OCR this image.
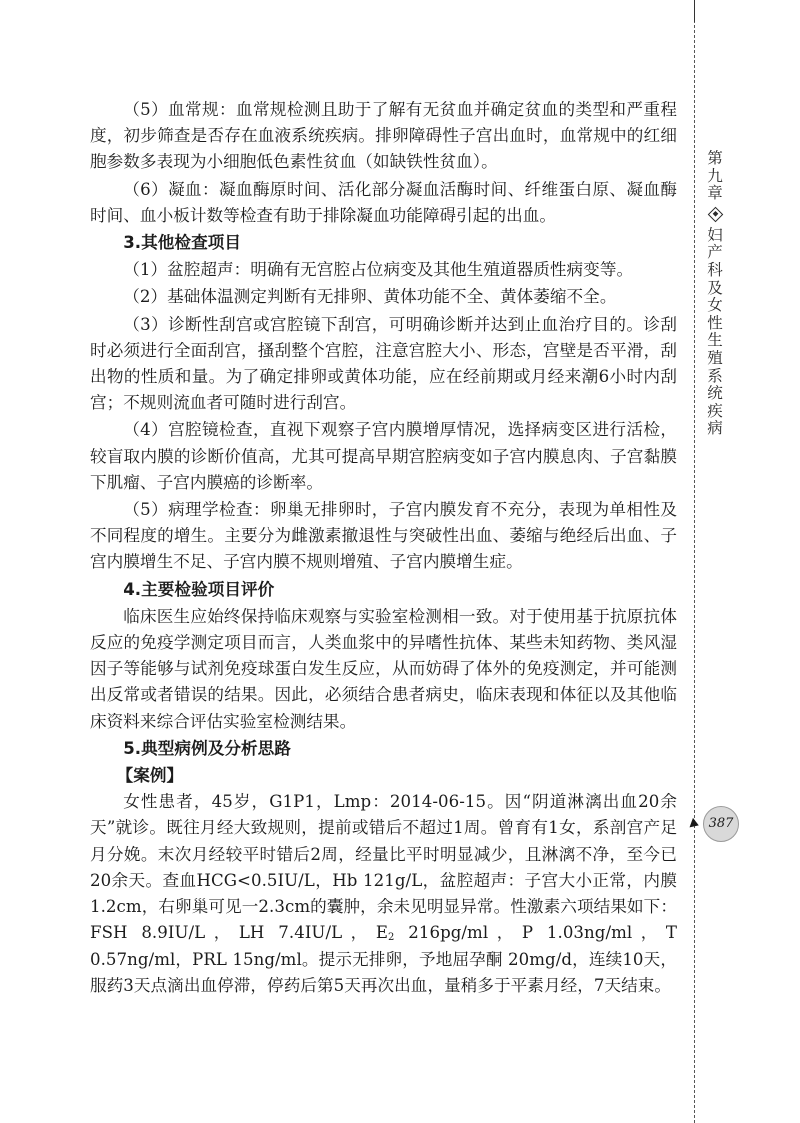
（5）血常规：血常规检测且助于了解有无贫血并确定贫血的类型和严重程度，初步筛查是否存在血液系统疾病。排卵障碍性子宫出血时，血常规中的红细胞参数多表现为小细胞低色素性贫血（如缺铁性贫血）。

（6）凝血：凝血酶原时间、活化部分凝血活酶时间、纤维蛋白原、凝血酶时间、血小板计数等检查有助于排除凝血功能障碍引起的出血。

3.其他检查项目

（1）盆腔超声：明确有无宫腔占位病变及其他生殖道器质性病变等。

（2）基础体温测定判断有无排卵、黄体功能不全、黄体萎缩不全。

（3）诊断性刮宫或宫腔镜下刮宫，可明确诊断并达到止血治疗目的。诊刮时必须进行全面刮宫，搔刮整个宫腔，注意宫腔大小、形态，宫壁是否平滑，刮出物的性质和量。为了确定排卵或黄体功能，应在经前期或月经来潮6小时内刮宫；不规则流血者可随时进行刮宫。

（4）宫腔镜检查，直视下观察子宫内膜增厚情况，选择病变区进行活检，较盲取内膜的诊断价值高，尤其可提高早期宫腔病变如子宫内膜息肉、子宫黏膜下肌瘤、子宫内膜癌的诊断率。

（5）病理学检查：卵巢无排卵时，子宫内膜发育不充分，表现为单相性及不同程度的增生。主要分为雌激素撤退性与突破性出血、萎缩与绝经后出血、子宫内膜增生不足、子宫内膜不规则增殖、子宫内膜增生症。

4.主要检验项目评价

临床医生应始终保持临床观察与实验室检测相一致。对于使用基于抗原抗体反应的免疫学测定项目而言，人类血浆中的异嗜性抗体、某些未知药物、类风湿因子等能够与试剂免疫球蛋白发生反应，从而妨碍了体外的免疫测定，并可能测出反常或者错误的结果。因此，必须结合患者病史，临床表现和体征以及其他临床资料来综合评估实验室检测结果。

5.典型病例及分析思路
【案例】

女性患者，45岁，G1P1，Lmp：2014-06-15。因“阴道淋漓出血20余天”就诊。既往月经大致规则，提前或错后不超过1周。曾育有1女，系剖宫产足月分娩。末次月经较平时错后2周，经量比平时明显减少，且淋漓不净，至今已20余天。查血HCG<0.5IU/L，Hb 121g/L，盆腔超声：子宫大小正常，内膜1.2cm，右卵巢可见一2.3cm的囊肿，余未见明显异常。性激素六项结果如下：FSH 8.9IU/L，LH 7.4IU/L，$E_2$ 216pg/ml，P 1.03ng/ml，T 0.57ng/ml，PRL 15ng/ml。提示无排卵，予地屈孕酮 20mg/d，连续10天，服药3天点滴出血停滞，停药后第5天再次出血，量稍多于平素月经，7天结束。

第九章
妇产科及女性生殖系统疾病
387
